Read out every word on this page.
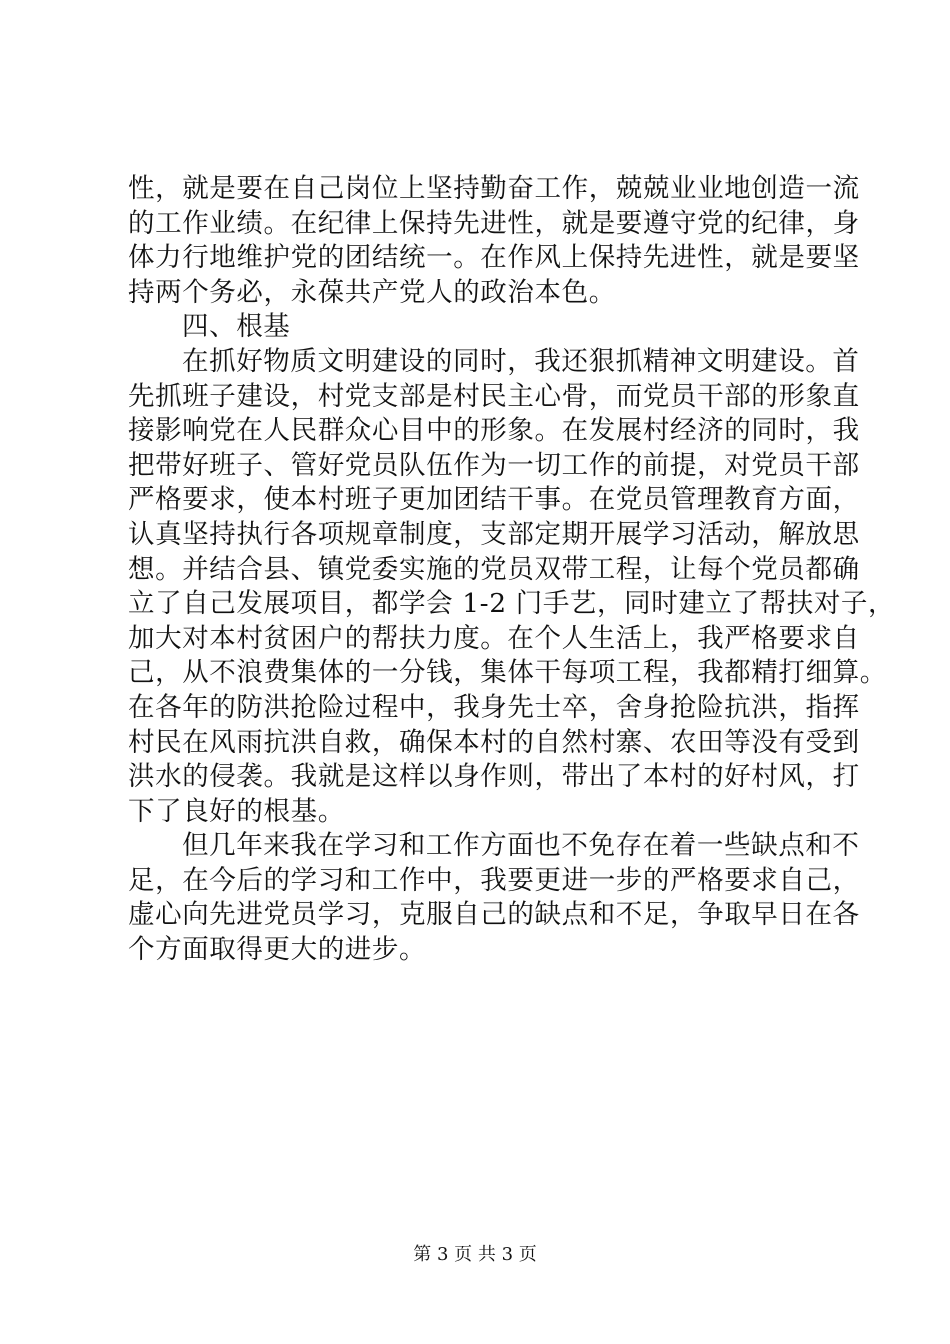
性，就是要在自己岗位上坚持勤奋工作，兢兢业业地创造一流
的工作业绩。在纪律上保持先进性，就是要遵守党的纪律，身
体力行地维护党的团结统一。在作风上保持先进性，就是要坚
持两个务必，永葆共产党人的政治本色。
四、根基
在抓好物质文明建设的同时，我还狠抓精神文明建设。首
先抓班子建设，村党支部是村民主心骨，而党员干部的形象直
接影响党在人民群众心目中的形象。在发展村经济的同时，我
把带好班子、管好党员队伍作为一切工作的前提，对党员干部
严格要求，使本村班子更加团结干事。在党员管理教育方面，
认真坚持执行各项规章制度，支部定期开展学习活动，解放思
想。并结合县、镇党委实施的党员双带工程，让每个党员都确
立了自己发展项目，都学会 1-2 门手艺，同时建立了帮扶对子，
加大对本村贫困户的帮扶力度。在个人生活上，我严格要求自
己，从不浪费集体的一分钱，集体干每项工程，我都精打细算。
在各年的防洪抢险过程中，我身先士卒，舍身抢险抗洪，指挥
村民在风雨抗洪自救，确保本村的自然村寨、农田等没有受到
洪水的侵袭。我就是这样以身作则，带出了本村的好村风，打
下了良好的根基。
但几年来我在学习和工作方面也不免存在着一些缺点和不
足，在今后的学习和工作中，我要更进一步的严格要求自己，
虚心向先进党员学习，克服自己的缺点和不足，争取早日在各
个方面取得更大的进步。
第 3 页 共 3 页
